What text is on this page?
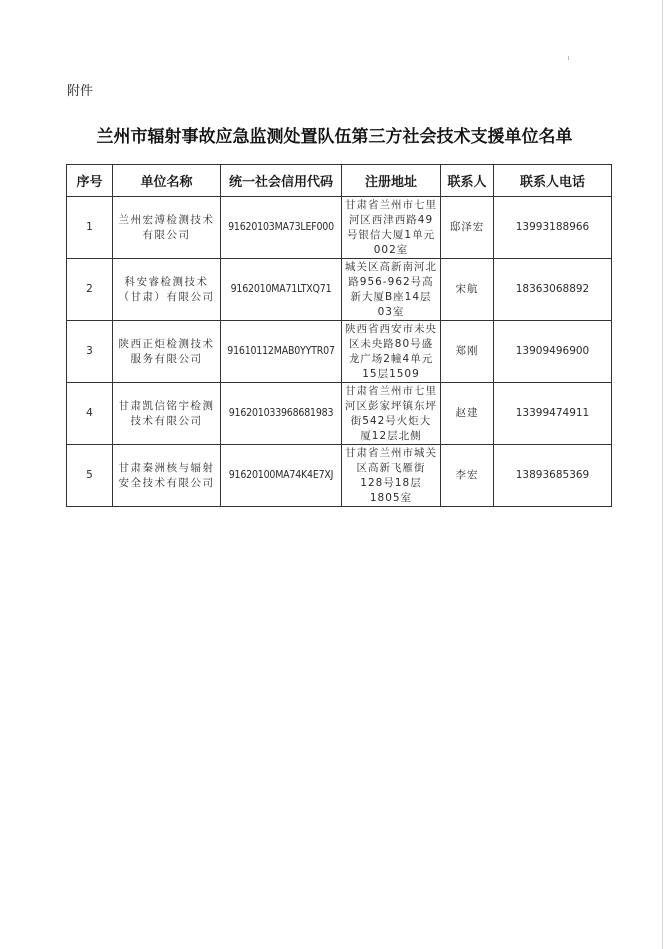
附件
兰州市辐射事故应急监测处置队伍第三方社会技术支援单位名单
序号	单位名称	统一社会信用代码	注册地址	联系人	联系人电话
1	兰州宏溥检测技术有限公司	91620103MA73LEF000	甘肃省兰州市七里河区西津西路49号银信大厦1单元002室	邸泽宏	13993188966
2	科安睿检测技术（甘肃）有限公司	9162010MA71LTXQ71	城关区高新南河北路956-962号高新大厦B座14层03室	宋航	18363068892
3	陕西正炬检测技术服务有限公司	91610112MAB0YYTR07	陕西省西安市未央区未央路80号盛龙广场2幢4单元15层1509	郑刚	13909496900
4	甘肃凯信铭宇检测技术有限公司	916201033968681983	甘肃省兰州市七里河区彭家坪镇东坪街542号火炬大厦12层北侧	赵建	13399474911
5	甘肃秦洲核与辐射安全技术有限公司	91620100MA74K4E7XJ	甘肃省兰州市城关区高新飞雁街128号18层1805室	李宏	13893685369
